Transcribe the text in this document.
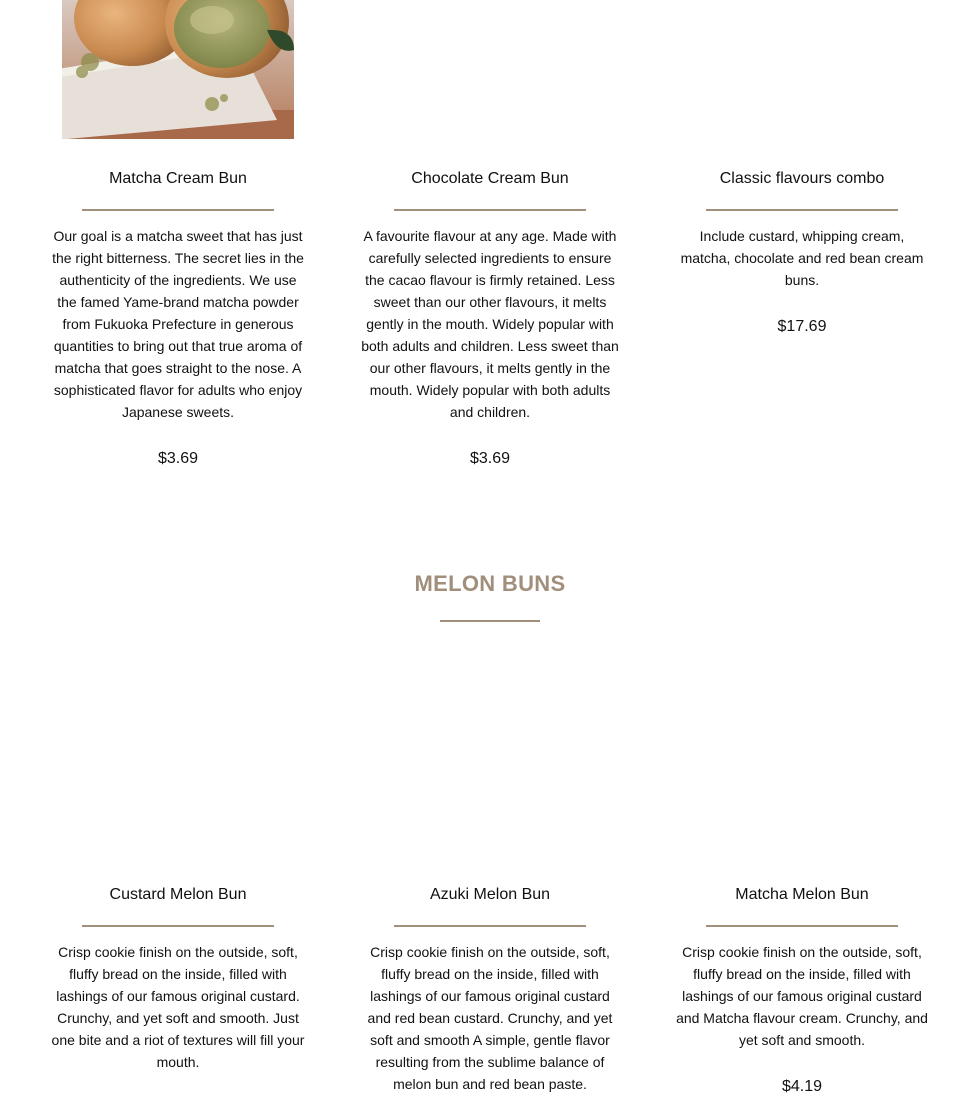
Matcha Cream Bun

Our goal is a matcha sweet that has just the right bitterness. The secret lies in the authenticity of the ingredients. We use the famed Yame-brand matcha powder from Fukuoka Prefecture in generous quantities to bring out that true aroma of matcha that goes straight to the nose. A sophisticated flavor for adults who enjoy Japanese sweets.

$3.69

Chocolate Cream Bun

A favourite flavour at any age. Made with carefully selected ingredients to ensure the cacao flavour is firmly retained. Less sweet than our other flavours, it melts gently in the mouth. Widely popular with both adults and children. Less sweet than our other flavours, it melts gently in the mouth. Widely popular with both adults and children.

$3.69

Classic flavours combo

Include custard, whipping cream, matcha, chocolate and red bean cream buns.

$17.69

MELON BUNS
Custard Melon Bun

Crisp cookie finish on the outside, soft, fluffy bread on the inside, filled with lashings of our famous original custard. Crunchy, and yet soft and smooth. Just one bite and a riot of textures will fill your mouth.

Azuki Melon Bun

Crisp cookie finish on the outside, soft, fluffy bread on the inside, filled with lashings of our famous original custard and red bean custard. Crunchy, and yet soft and smooth A simple, gentle flavor resulting from the sublime balance of melon bun and red bean paste.

Matcha Melon Bun

Crisp cookie finish on the outside, soft, fluffy bread on the inside, filled with lashings of our famous original custard and Matcha flavour cream. Crunchy, and yet soft and smooth.

$4.19
